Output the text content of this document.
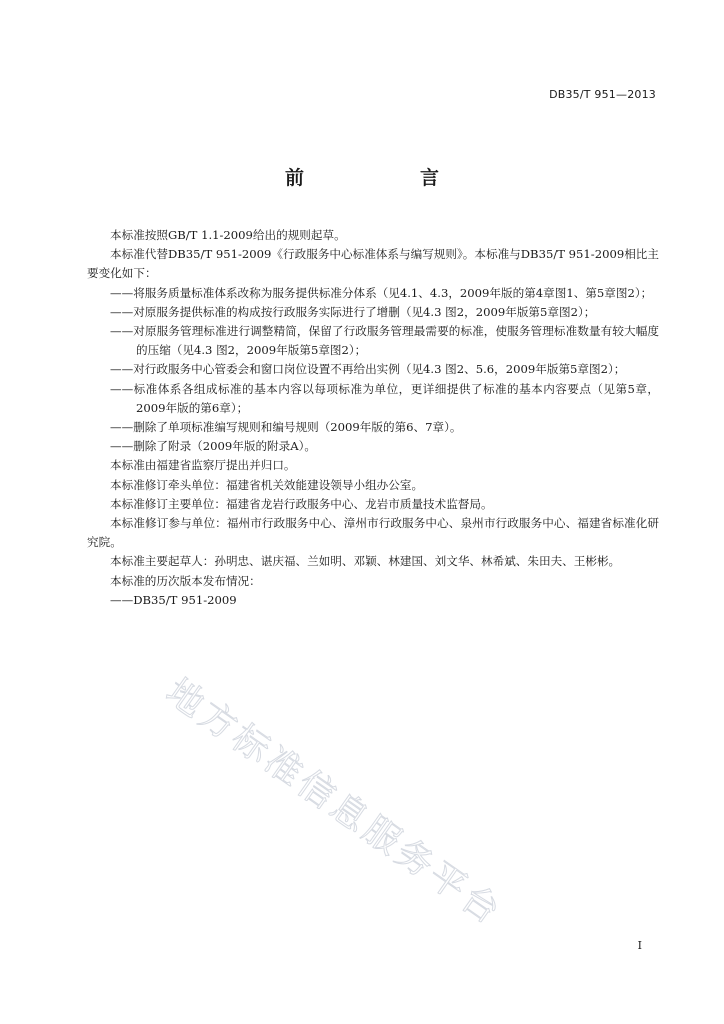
DB35/T 951—2013
前　　言

本标准按照GB/T 1.1-2009给出的规则起草。

本标准代替DB35/T 951-2009《行政服务中心标准体系与编写规则》。本标准与DB35/T 951-2009相比主要变化如下：

——将服务质量标准体系改称为服务提供标准分体系（见4.1、4.3，2009年版的第4章图1、第5章图2）；

——对原服务提供标准的构成按行政服务实际进行了增删（见4.3 图2，2009年版第5章图2）；

——对原服务管理标准进行调整精简，保留了行政服务管理最需要的标准，使服务管理标准数量有较大幅度的压缩（见4.3 图2，2009年版第5章图2）；

——对行政服务中心管委会和窗口岗位设置不再给出实例（见4.3 图2、5.6，2009年版第5章图2）；

——标准体系各组成标准的基本内容以每项标准为单位，更详细提供了标准的基本内容要点（见第5章，2009年版的第6章）；

——删除了单项标准编写规则和编号规则（2009年版的第6、7章）。

——删除了附录（2009年版的附录A）。

本标准由福建省监察厅提出并归口。

本标准修订牵头单位：福建省机关效能建设领导小组办公室。

本标准修订主要单位：福建省龙岩行政服务中心、龙岩市质量技术监督局。

本标准修订参与单位：福州市行政服务中心、漳州市行政服务中心、泉州市行政服务中心、福建省标准化研究院。

本标准主要起草人：孙明忠、谌庆福、兰如明、邓颖、林建国、刘文华、林希斌、朱田夫、王彬彬。

本标准的历次版本发布情况：

——DB35/T 951-2009

地方标准信息服务平台
I
